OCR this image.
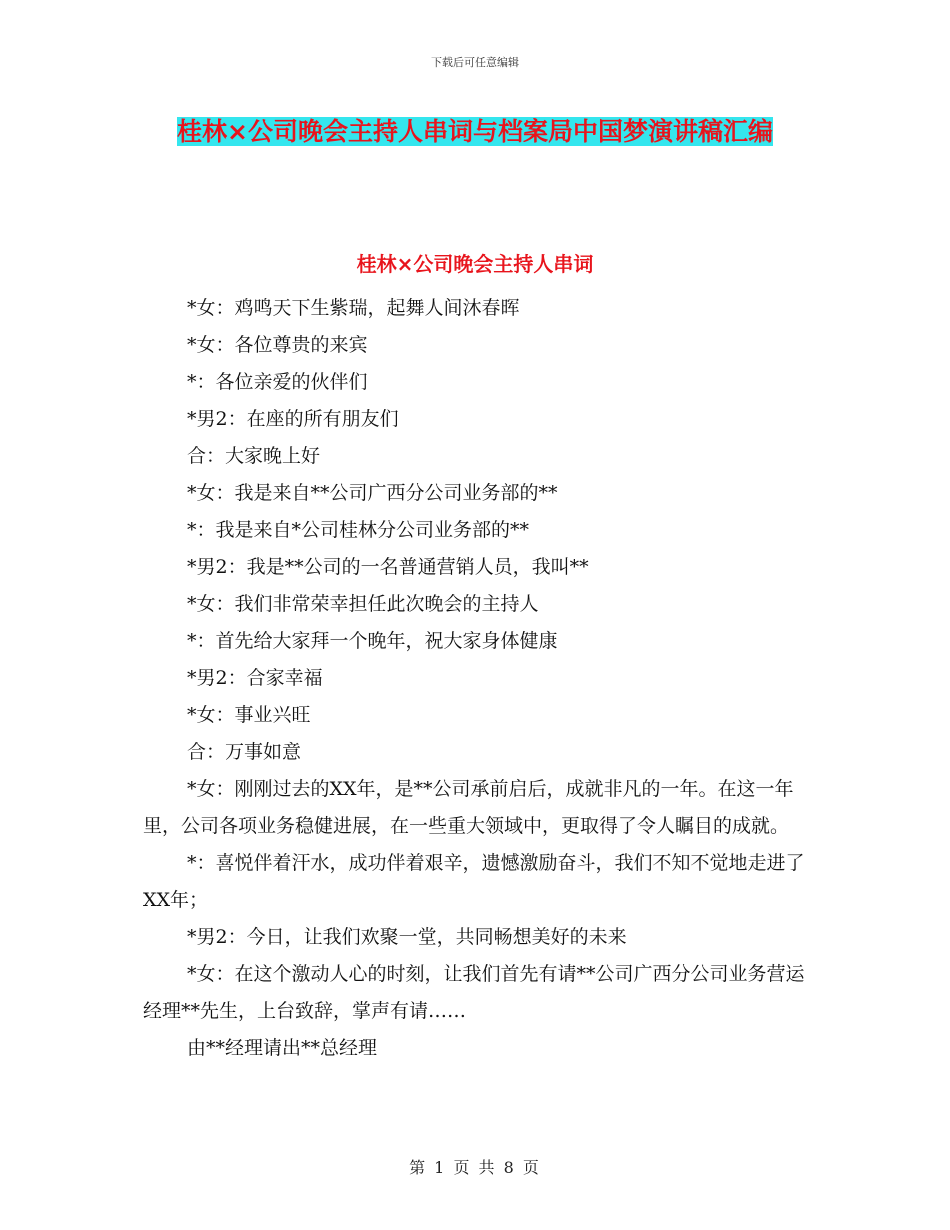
下载后可任意编辑
桂林×公司晚会主持人串词与档案局中国梦演讲稿汇编
桂林×公司晚会主持人串词

*女：鸡鸣天下生紫瑞，起舞人间沐春晖

*女：各位尊贵的来宾

*：各位亲爱的伙伴们

*男2：在座的所有朋友们

合：大家晚上好

*女：我是来自**公司广西分公司业务部的**

*：我是来自*公司桂林分公司业务部的**

*男2：我是**公司的一名普通营销人员，我叫**

*女：我们非常荣幸担任此次晚会的主持人

*：首先给大家拜一个晚年，祝大家身体健康

*男2：合家幸福

*女：事业兴旺

合：万事如意

*女：刚刚过去的XX年，是**公司承前启后，成就非凡的一年。在这一年里，公司各项业务稳健进展，在一些重大领域中，更取得了令人瞩目的成就。

*：喜悦伴着汗水，成功伴着艰辛，遗憾激励奋斗，我们不知不觉地走进了XX年；

*男2：今日，让我们欢聚一堂，共同畅想美好的未来

*女：在这个激动人心的时刻，让我们首先有请**公司广西分公司业务营运经理**先生，上台致辞，掌声有请……

由**经理请出**总经理

第 1 页 共 8 页
